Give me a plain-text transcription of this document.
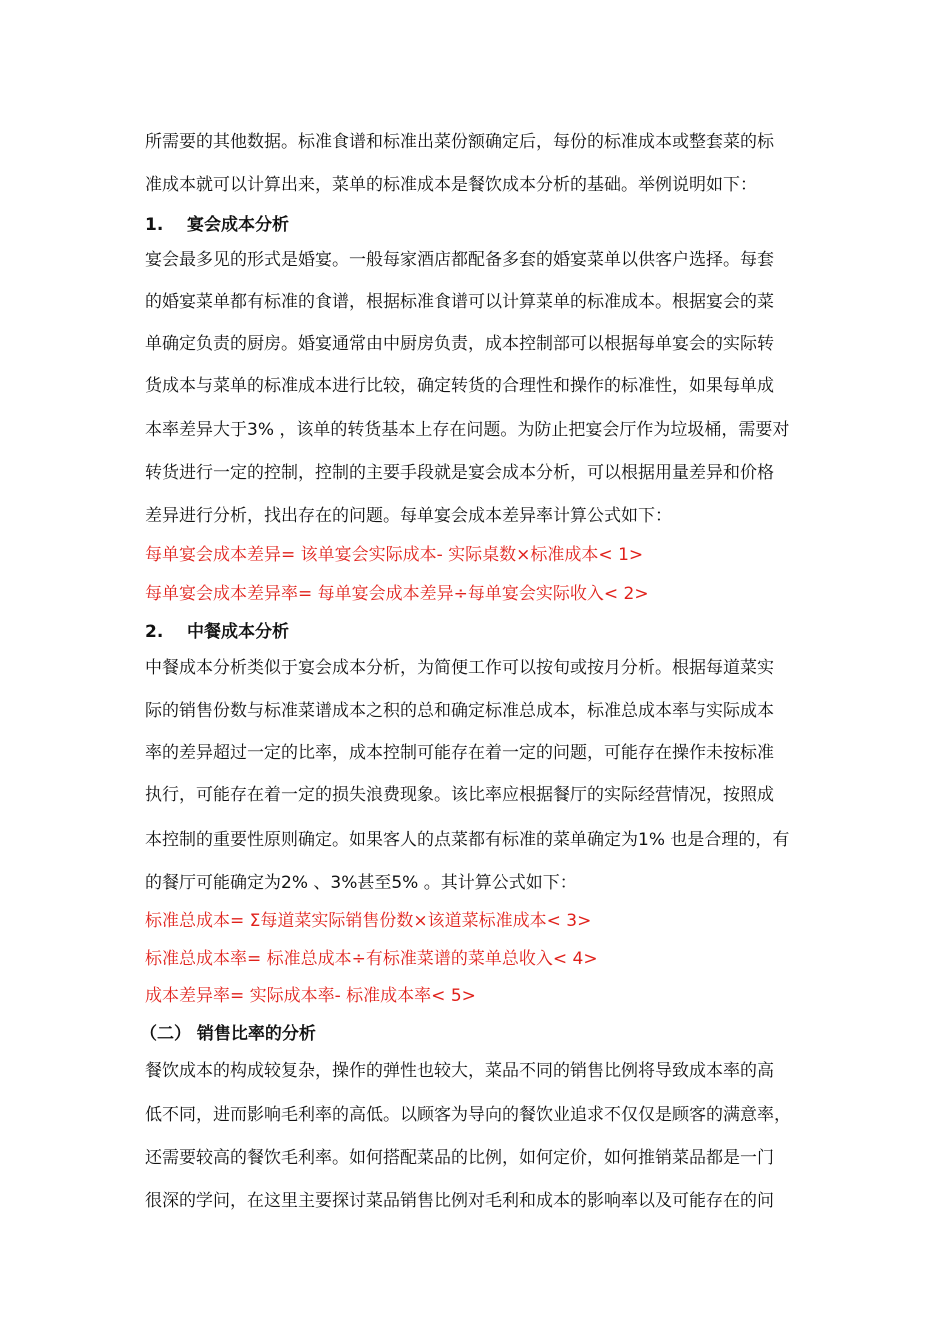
所需要的其他数据。标准食谱和标准出菜份额确定后，每份的标准成本或整套菜的标
准成本就可以计算出来，菜单的标准成本是餐饮成本分析的基础。举例说明如下：
1. 宴会成本分析
宴会最多见的形式是婚宴。一般每家酒店都配备多套的婚宴菜单以供客户选择。每套
的婚宴菜单都有标准的食谱，根据标准食谱可以计算菜单的标准成本。根据宴会的菜
单确定负责的厨房。婚宴通常由中厨房负责，成本控制部可以根据每单宴会的实际转
货成本与菜单的标准成本进行比较，确定转货的合理性和操作的标准性，如果每单成
本率差异大于3% ，该单的转货基本上存在问题。为防止把宴会厅作为垃圾桶，需要对
转货进行一定的控制，控制的主要手段就是宴会成本分析，可以根据用量差异和价格
差异进行分析，找出存在的问题。每单宴会成本差异率计算公式如下：
每单宴会成本差异= 该单宴会实际成本- 实际桌数×标准成本< 1>
每单宴会成本差异率= 每单宴会成本差异÷每单宴会实际收入< 2>
2. 中餐成本分析
中餐成本分析类似于宴会成本分析，为简便工作可以按旬或按月分析。根据每道菜实
际的销售份数与标准菜谱成本之积的总和确定标准总成本，标准总成本率与实际成本
率的差异超过一定的比率，成本控制可能存在着一定的问题，可能存在操作未按标准
执行，可能存在着一定的损失浪费现象。该比率应根据餐厅的实际经营情况，按照成
本控制的重要性原则确定。如果客人的点菜都有标准的菜单确定为1% 也是合理的，有
的餐厅可能确定为2% 、3%甚至5% 。其计算公式如下：
标准总成本= Σ每道菜实际销售份数×该道菜标准成本< 3>
标准总成本率= 标准总成本÷有标准菜谱的菜单总收入< 4>
成本差异率= 实际成本率- 标准成本率< 5>
（二） 销售比率的分析
餐饮成本的构成较复杂，操作的弹性也较大，菜品不同的销售比例将导致成本率的高
低不同，进而影响毛利率的高低。以顾客为导向的餐饮业追求不仅仅是顾客的满意率，
还需要较高的餐饮毛利率。如何搭配菜品的比例，如何定价，如何推销菜品都是一门
很深的学问，在这里主要探讨菜品销售比例对毛利和成本的影响率以及可能存在的问
